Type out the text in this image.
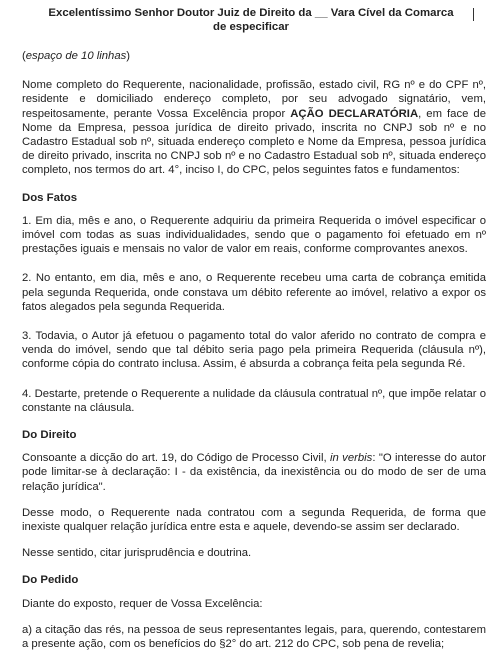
Excelentíssimo Senhor Doutor Juiz de Direito da __ Vara Cível da Comarca
de especificar

(espaço de 10 linhas)

Nome completo do Requerente, nacionalidade, profissão, estado civil, RG nº e do CPF nº, residente e domiciliado endereço completo, por seu advogado signatário, vem, respeitosamente, perante Vossa Excelência propor AÇÃO DECLARATÓRIA, em face de Nome da Empresa, pessoa jurídica de direito privado, inscrita no CNPJ sob nº e no Cadastro Estadual sob nº, situada endereço completo e Nome da Empresa, pessoa jurídica de direito privado, inscrita no CNPJ sob nº e no Cadastro Estadual sob nº, situada endereço completo, nos termos do art. 4°, inciso I, do CPC, pelos seguintes fatos e fundamentos:

Dos Fatos

1. Em dia, mês e ano, o Requerente adquiriu da primeira Requerida o imóvel especificar o imóvel com todas as suas individualidades, sendo que o pagamento foi efetuado em nº prestações iguais e mensais no valor de valor em reais, conforme comprovantes anexos.

2. No entanto, em dia, mês e ano, o Requerente recebeu uma carta de cobrança emitida pela segunda Requerida, onde constava um débito referente ao imóvel, relativo a expor os fatos alegados pela segunda Requerida.

3. Todavia, o Autor já efetuou o pagamento total do valor aferido no contrato de compra e venda do imóvel, sendo que tal débito seria pago pela primeira Requerida (cláusula nº), conforme cópia do contrato inclusa. Assim, é absurda a cobrança feita pela segunda Ré.

4. Destarte, pretende o Requerente a nulidade da cláusula contratual nº, que impõe relatar o constante na cláusula.

Do Direito

Consoante a dicção do art. 19, do Código de Processo Civil, in verbis: "O interesse do autor pode limitar-se à declaração: I - da existência, da inexistência ou do modo de ser de uma relação jurídica".

Desse modo, o Requerente nada contratou com a segunda Requerida, de forma que inexiste qualquer relação jurídica entre esta e aquele, devendo-se assim ser declarado.

Nesse sentido, citar jurisprudência e doutrina.

Do Pedido

Diante do exposto, requer de Vossa Excelência:

a) a citação das rés, na pessoa de seus representantes legais, para, querendo, contestarem a presente ação, com os benefícios do §2° do art. 212 do CPC, sob pena de revelia;
